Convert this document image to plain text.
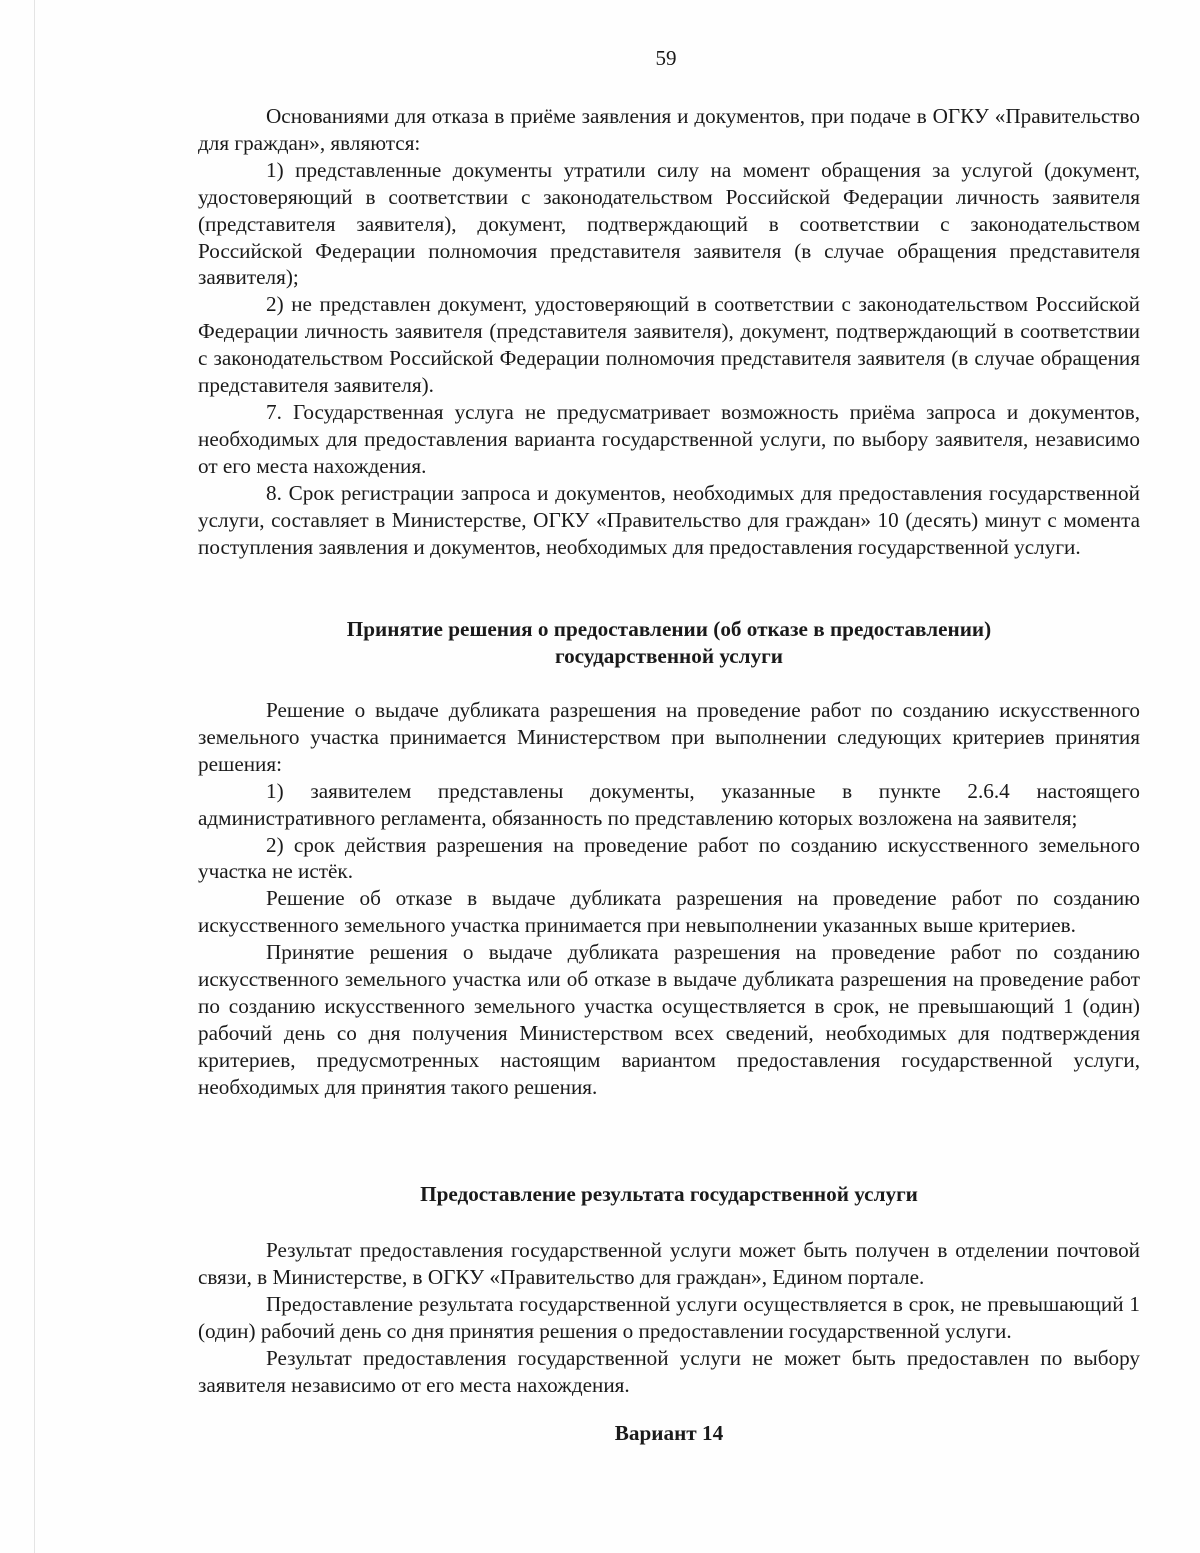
59

Основаниями для отказа в приёме заявления и документов, при подаче в ОГКУ «Правительство для граждан», являются:

1) представленные документы утратили силу на момент обращения за услугой (документ, удостоверяющий в соответствии с законодательством Российской Федерации личность заявителя (представителя заявителя), документ, подтверждающий в соответствии с законодательством Российской Федерации полномочия представителя заявителя (в случае обращения представителя заявителя);

2) не представлен документ, удостоверяющий в соответствии с законодательством Российской Федерации личность заявителя (представителя заявителя), документ, подтверждающий в соответствии с законодательством Российской Федерации полномочия представителя заявителя (в случае обращения представителя заявителя).

7. Государственная услуга не предусматривает возможность приёма запроса и документов, необходимых для предоставления варианта государственной услуги, по выбору заявителя, независимо от его места нахождения.

8. Срок регистрации запроса и документов, необходимых для предоставления государственной услуги, составляет в Министерстве, ОГКУ «Правительство для граждан» 10 (десять) минут с момента поступления заявления и документов, необходимых для предоставления государственной услуги.

Принятие решения о предоставлении (об отказе в предоставлении)

государственной услуги

Решение о выдаче дубликата разрешения на проведение работ по созданию искусственного земельного участка принимается Министерством при выполнении следующих критериев принятия решения:

1) заявителем представлены документы, указанные в пункте 2.6.4 настоящего административного регламента, обязанность по представлению которых возложена на заявителя;

2) срок действия разрешения на проведение работ по созданию искусственного земельного участка не истёк.

Решение об отказе в выдаче дубликата разрешения на проведение работ по созданию искусственного земельного участка принимается при невыполнении указанных выше критериев.

Принятие решения о выдаче дубликата разрешения на проведение работ по созданию искусственного земельного участка или об отказе в выдаче дубликата разрешения на проведение работ по созданию искусственного земельного участка осуществляется в срок, не превышающий 1 (один) рабочий день со дня получения Министерством всех сведений, необходимых для подтверждения критериев, предусмотренных настоящим вариантом предоставления государственной услуги, необходимых для принятия такого решения.

Предоставление результата государственной услуги

Результат предоставления государственной услуги может быть получен в отделении почтовой связи, в Министерстве, в ОГКУ «Правительство для граждан», Едином портале.

Предоставление результата государственной услуги осуществляется в срок, не превышающий 1 (один) рабочий день со дня принятия решения о предоставлении государственной услуги.

Результат предоставления государственной услуги не может быть предоставлен по выбору заявителя независимо от его места нахождения.

Вариант 14
